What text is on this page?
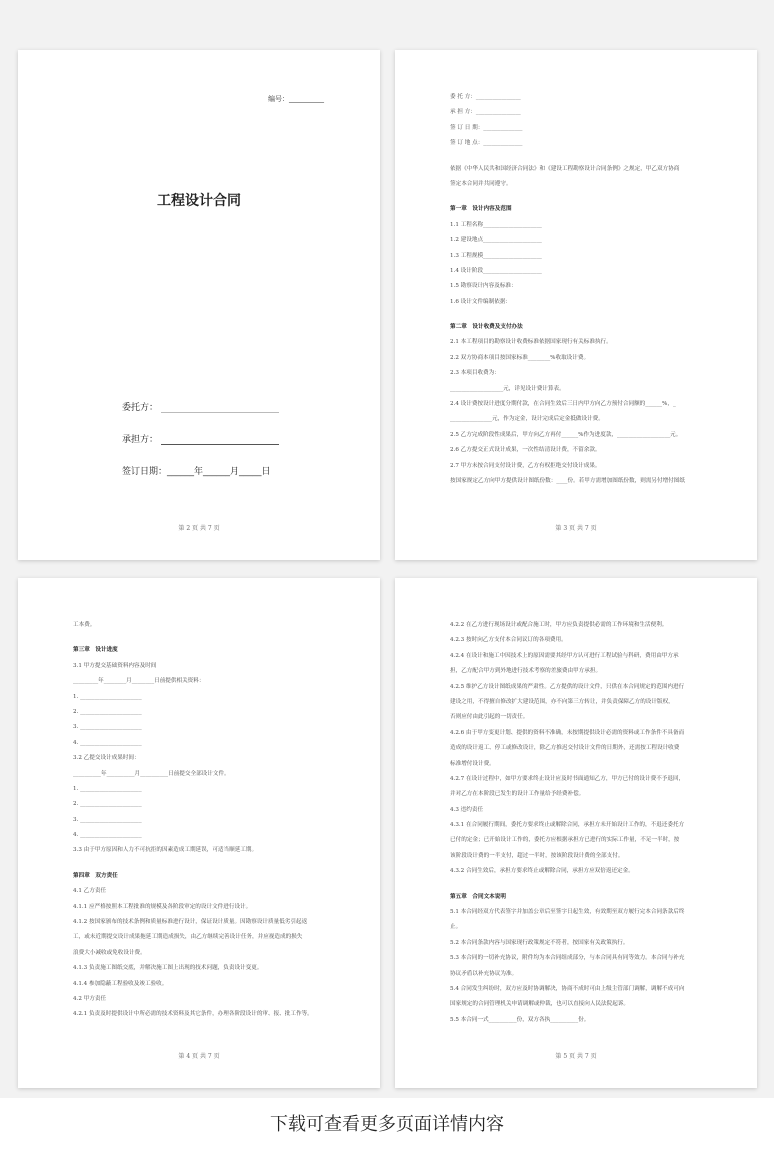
编号：__________
工程设计合同
委托方：
承担方：
签订日期：______年______月_____日
第 2 页 共 7 页
委 托 方：________________
承 担 方：________________
签 订 日 期：______________
签 订 地 点：______________
依据《中华人民共和国经济合同法》和《建设工程勘察设计合同条例》之规定，甲乙双方协商
签定本合同并共同遵守。
第一章　设计内容及范围
1.1 工程名称_____________________
1.2 建设地点_____________________
1.3 工程规模_____________________
1.4 设计阶段_____________________
1.5 勘察设计内容及标准：
1.6 设计文件编制依据：
第二章　设计收费及支付办法
2.1 本工程项目的勘察设计收费标准依据国家现行有关标准执行。
2.2 双方协商本项目按国家标准________%收取设计费。
2.3 本项目收费为：
___________________元，详见设计费计算表。
2.4 设计费按设计进度分期付款，在合同生效后三日内甲方向乙方预付合同额的______%，_
_______________元，作为定金，设计完成后定金抵做设计费。
2.5 乙方完成阶段性成果后，甲方向乙方再付______%作为进度款，___________________元。
2.6 乙方提交正式设计成果，一次性结清设计费，不留余款。
2.7 甲方未按合同支付设计费，乙方有权拒绝交付设计成果。
按国家规定乙方向甲方提供设计图纸份数：____份。若甲方需增加图纸份数，则需另付增付图纸
第 3 页 共 7 页
工本费。
第三章　设计进度
3.1 甲方提交基础资料内容及时间
_________年________月________日前提供相关资料：
1. ______________________
2. ______________________
3. ______________________
4. ______________________
3.2 乙提交设计成果时间：
__________年__________月__________日前提交全部设计文件。
1. ______________________
2. ______________________
3. ______________________
4. ______________________
3.3 由于甲方原因和人力不可抗拒的因素造成工期延误，可适当顺延工期。
第四章　双方责任
4.1 乙方责任
4.1.1 应严格按照本工程批准的规模及各阶段审定的设计文件进行设计。
4.1.2 按国家颁布的技术条例和质量标准进行设计，保证设计质量。因勘察设计质量低劣引起返
工，或未近期提交设计成果拖延工期造成损失，由乙方继续完善设计任务，并应视造成的损失
浪费大小减收或免收设计费。
4.1.3 负责施工图纸交底，并解决施工图上出现的技术问题，负责设计变更。
4.1.4 参加隐蔽工程验收及竣工验收。
4.2 甲方责任
4.2.1 负责及时提供设计中所必需的技术资料及其它条件，办理各阶段设计的审、报、批工作等。
第 4 页 共 7 页
4.2.2 在乙方进行现场设计或配合施工时，甲方应负责提供必需的工作环境和生活便利。
4.2.3 按时向乙方支付本合同议订的各项费用。
4.2.4 在设计和施工中因技术上的原因需要其经甲方认可进行工程试验与科研，费用由甲方承
担，乙方配合甲方到外地进行技术考察的差旅费由甲方承担。
4.2.5 维护乙方设计图纸成果的严肃性。乙方提供的设计文件，只供在本合同规定的范围内进行
建设之用，不得擅自修改扩大建设范围，亦不向第三方转让，并负责保障乙方的设计版权，
否则应付由此引起的一切责任。
4.2.6 由于甲方变更计划、提供的资料不准确，未按期提供设计必需的资料或工作条件不具备而
造成的设计返工、停工或修改设计，除乙方推迟交付设计文件的日期外，还需按工程设计收费
标准增付设计费。
4.2.7 在设计过程中，如甲方要求终止设计应及时书面通知乙方，甲方已付的设计费不予退回，
并对乙方在本阶段已发生的设计工作量给予经费补偿。
4.3 违约责任
4.3.1 在合同履行期间，委托方要求终止或解除合同，承担方未开始设计工作的，不退还委托方
已付的定金；已开始设计工作的，委托方应根据承担方已进行的实际工作量，不足一半时，按
该阶段设计费的一半支付，超过一半时，按该阶段设计费的全部支付。
4.3.2 合同生效后，承担方要求终止或解除合同，承担方应双倍返还定金。
第五章　合同文本说明
5.1 本合同经双方代表签字并加盖公章后至签字日起生效，有效期至双方履行完本合同条款后终
止。
5.2 本合同条款内容与国家现行政策规定不符者，按国家有关政策执行。
5.3 本合同的一切补充协议，附件均为本合同组成部分，与本合同具有同等效力。本合同与补充
协议矛盾以补充协议为准。
5.4 合同发生纠纷时，双方应及时协调解决，协商不成时可由上级主管部门调解，调解不成可向
国家规定的合同管理机关申请调解或仲裁，也可以直接向人民法院起诉。
5.5 本合同一式__________份，双方各执__________份。
第 5 页 共 7 页
下载可查看更多页面详情内容
